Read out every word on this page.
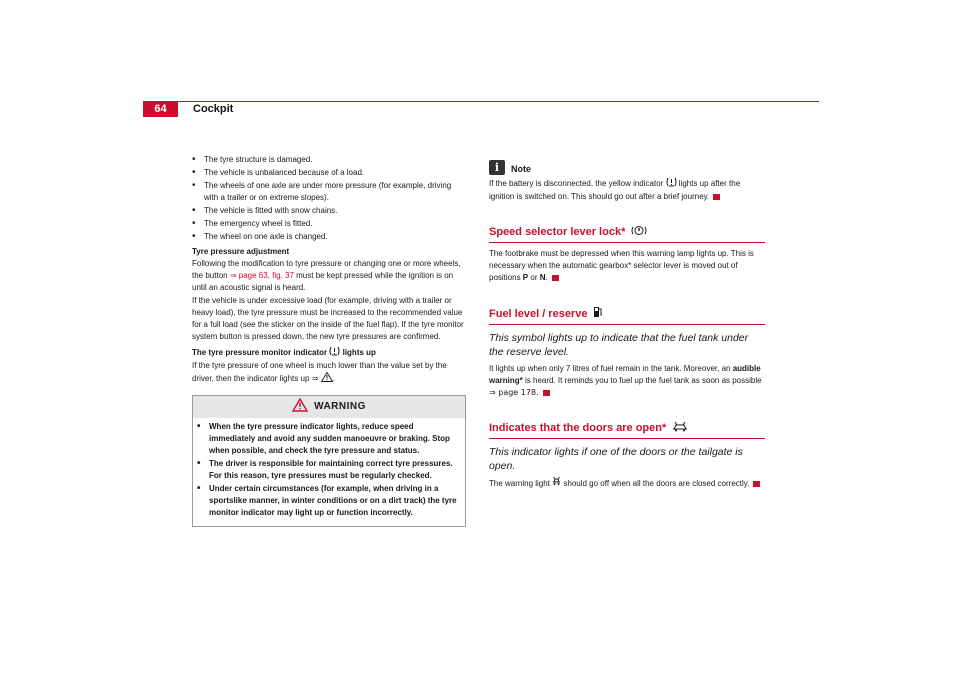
64	Cockpit
• The tyre structure is damaged.
• The vehicle is unbalanced because of a load.
• The wheels of one axle are under more pressure (for example, driving with a trailer or on extreme slopes).
• The vehicle is fitted with snow chains.
• The emergency wheel is fitted.
• The wheel on one axle is changed.
Tyre pressure adjustment

Following the modification to tyre pressure or changing one or more wheels, the button ⇒ page 63, fig. 37 must be kept pressed while the ignition is on until an acoustic signal is heard.

If the vehicle is under excessive load (for example, driving with a trailer or heavy load), the tyre pressure must be increased to the recommended value for a full load (see the sticker on the inside of the fuel flap). If the tyre monitor system button is pressed down, the new tyre pressures are confirmed.

The tyre pressure monitor indicator  lights up

If the tyre pressure of one wheel is much lower than the value set by the driver, then the indicator lights up ⇒ .

WARNING
• When the tyre pressure indicator lights, reduce speed immediately and avoid any sudden manoeuvre or braking. Stop when possible, and check the tyre pressure and status.
• The driver is responsible for maintaining correct tyre pressures. For this reason, tyre pressures must be regularly checked.
• Under certain circumstances (for example, when driving in a sportslike manner, in winter conditions or on a dirt track) the tyre monitor indicator may light up or function incorrectly.
i	Note

If the battery is disconnected, the yellow indicator  lights up after the ignition is switched on. This should go out after a brief journey.

Speed selector lever lock*

The footbrake must be depressed when this warning lamp lights up. This is necessary when the automatic gearbox* selector lever is moved out of positions P or N.

Fuel level / reserve
This symbol lights up to indicate that the fuel tank under the reserve level.

It lights up when only 7 litres of fuel remain in the tank. Moreover, an audible warning* is heard. It reminds you to fuel up the fuel tank as soon as possible ⇒ page 178.

Indicates that the doors are open*
This indicator lights if one of the doors or the tailgate is open.

The warning light  should go off when all the doors are closed correctly.
